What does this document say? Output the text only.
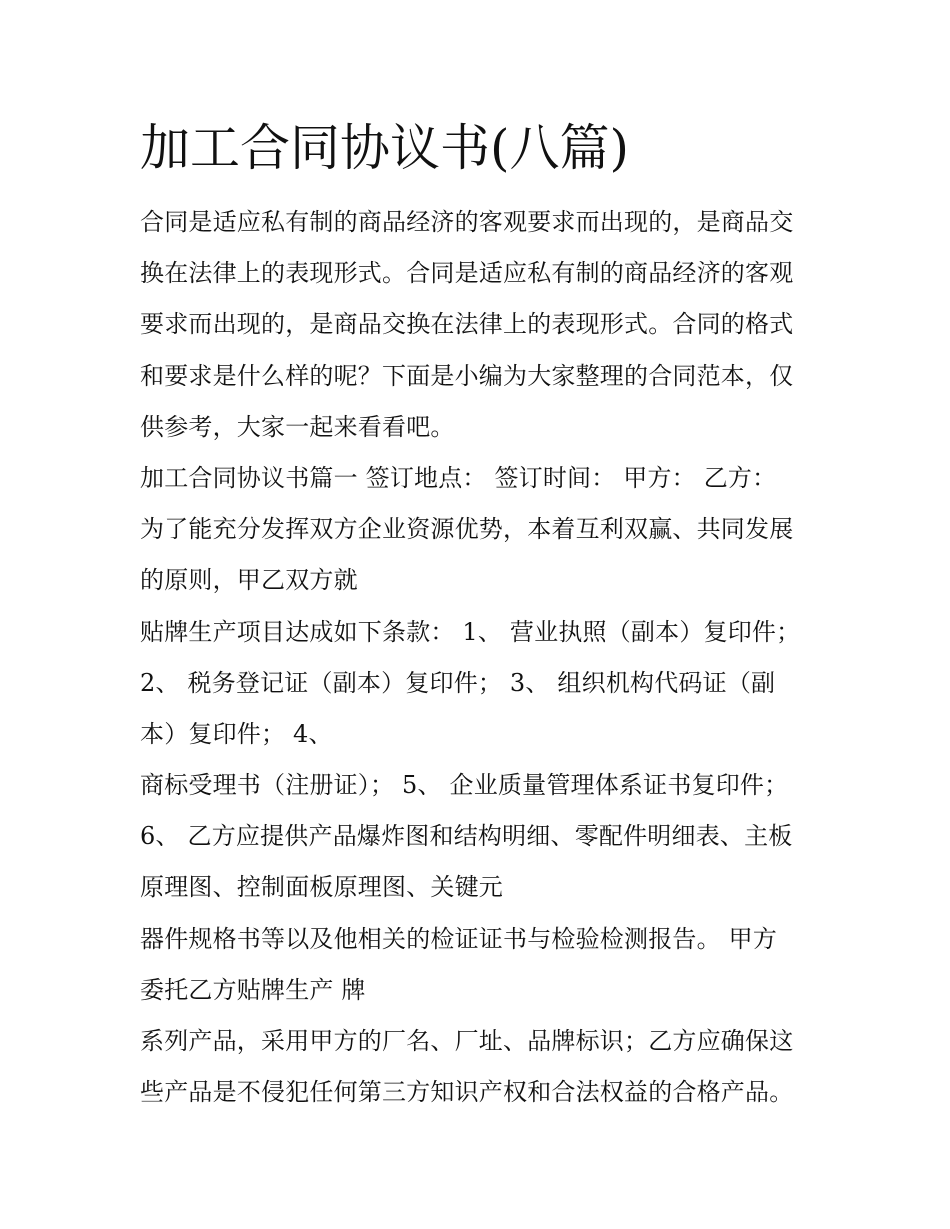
加工合同协议书(八篇)
合同是适应私有制的商品经济的客观要求而出现的，是商品交
换在法律上的表现形式。合同是适应私有制的商品经济的客观
要求而出现的，是商品交换在法律上的表现形式。合同的格式
和要求是什么样的呢？下面是小编为大家整理的合同范本，仅
供参考，大家一起来看看吧。
加工合同协议书篇一 签订地点： 签订时间： 甲方： 乙方：
为了能充分发挥双方企业资源优势，本着互利双赢、共同发展
的原则，甲乙双方就
贴牌生产项目达成如下条款： 1、 营业执照（副本）复印件；
2、 税务登记证（副本）复印件； 3、 组织机构代码证（副
本）复印件； 4、
商标受理书（注册证）； 5、 企业质量管理体系证书复印件；
6、 乙方应提供产品爆炸图和结构明细、零配件明细表、主板
原理图、控制面板原理图、关键元
器件规格书等以及他相关的检证证书与检验检测报告。 甲方
委托乙方贴牌生产 牌
系列产品，采用甲方的厂名、厂址、品牌标识；乙方应确保这
些产品是不侵犯任何第三方知识产权和合法权益的合格产品。
